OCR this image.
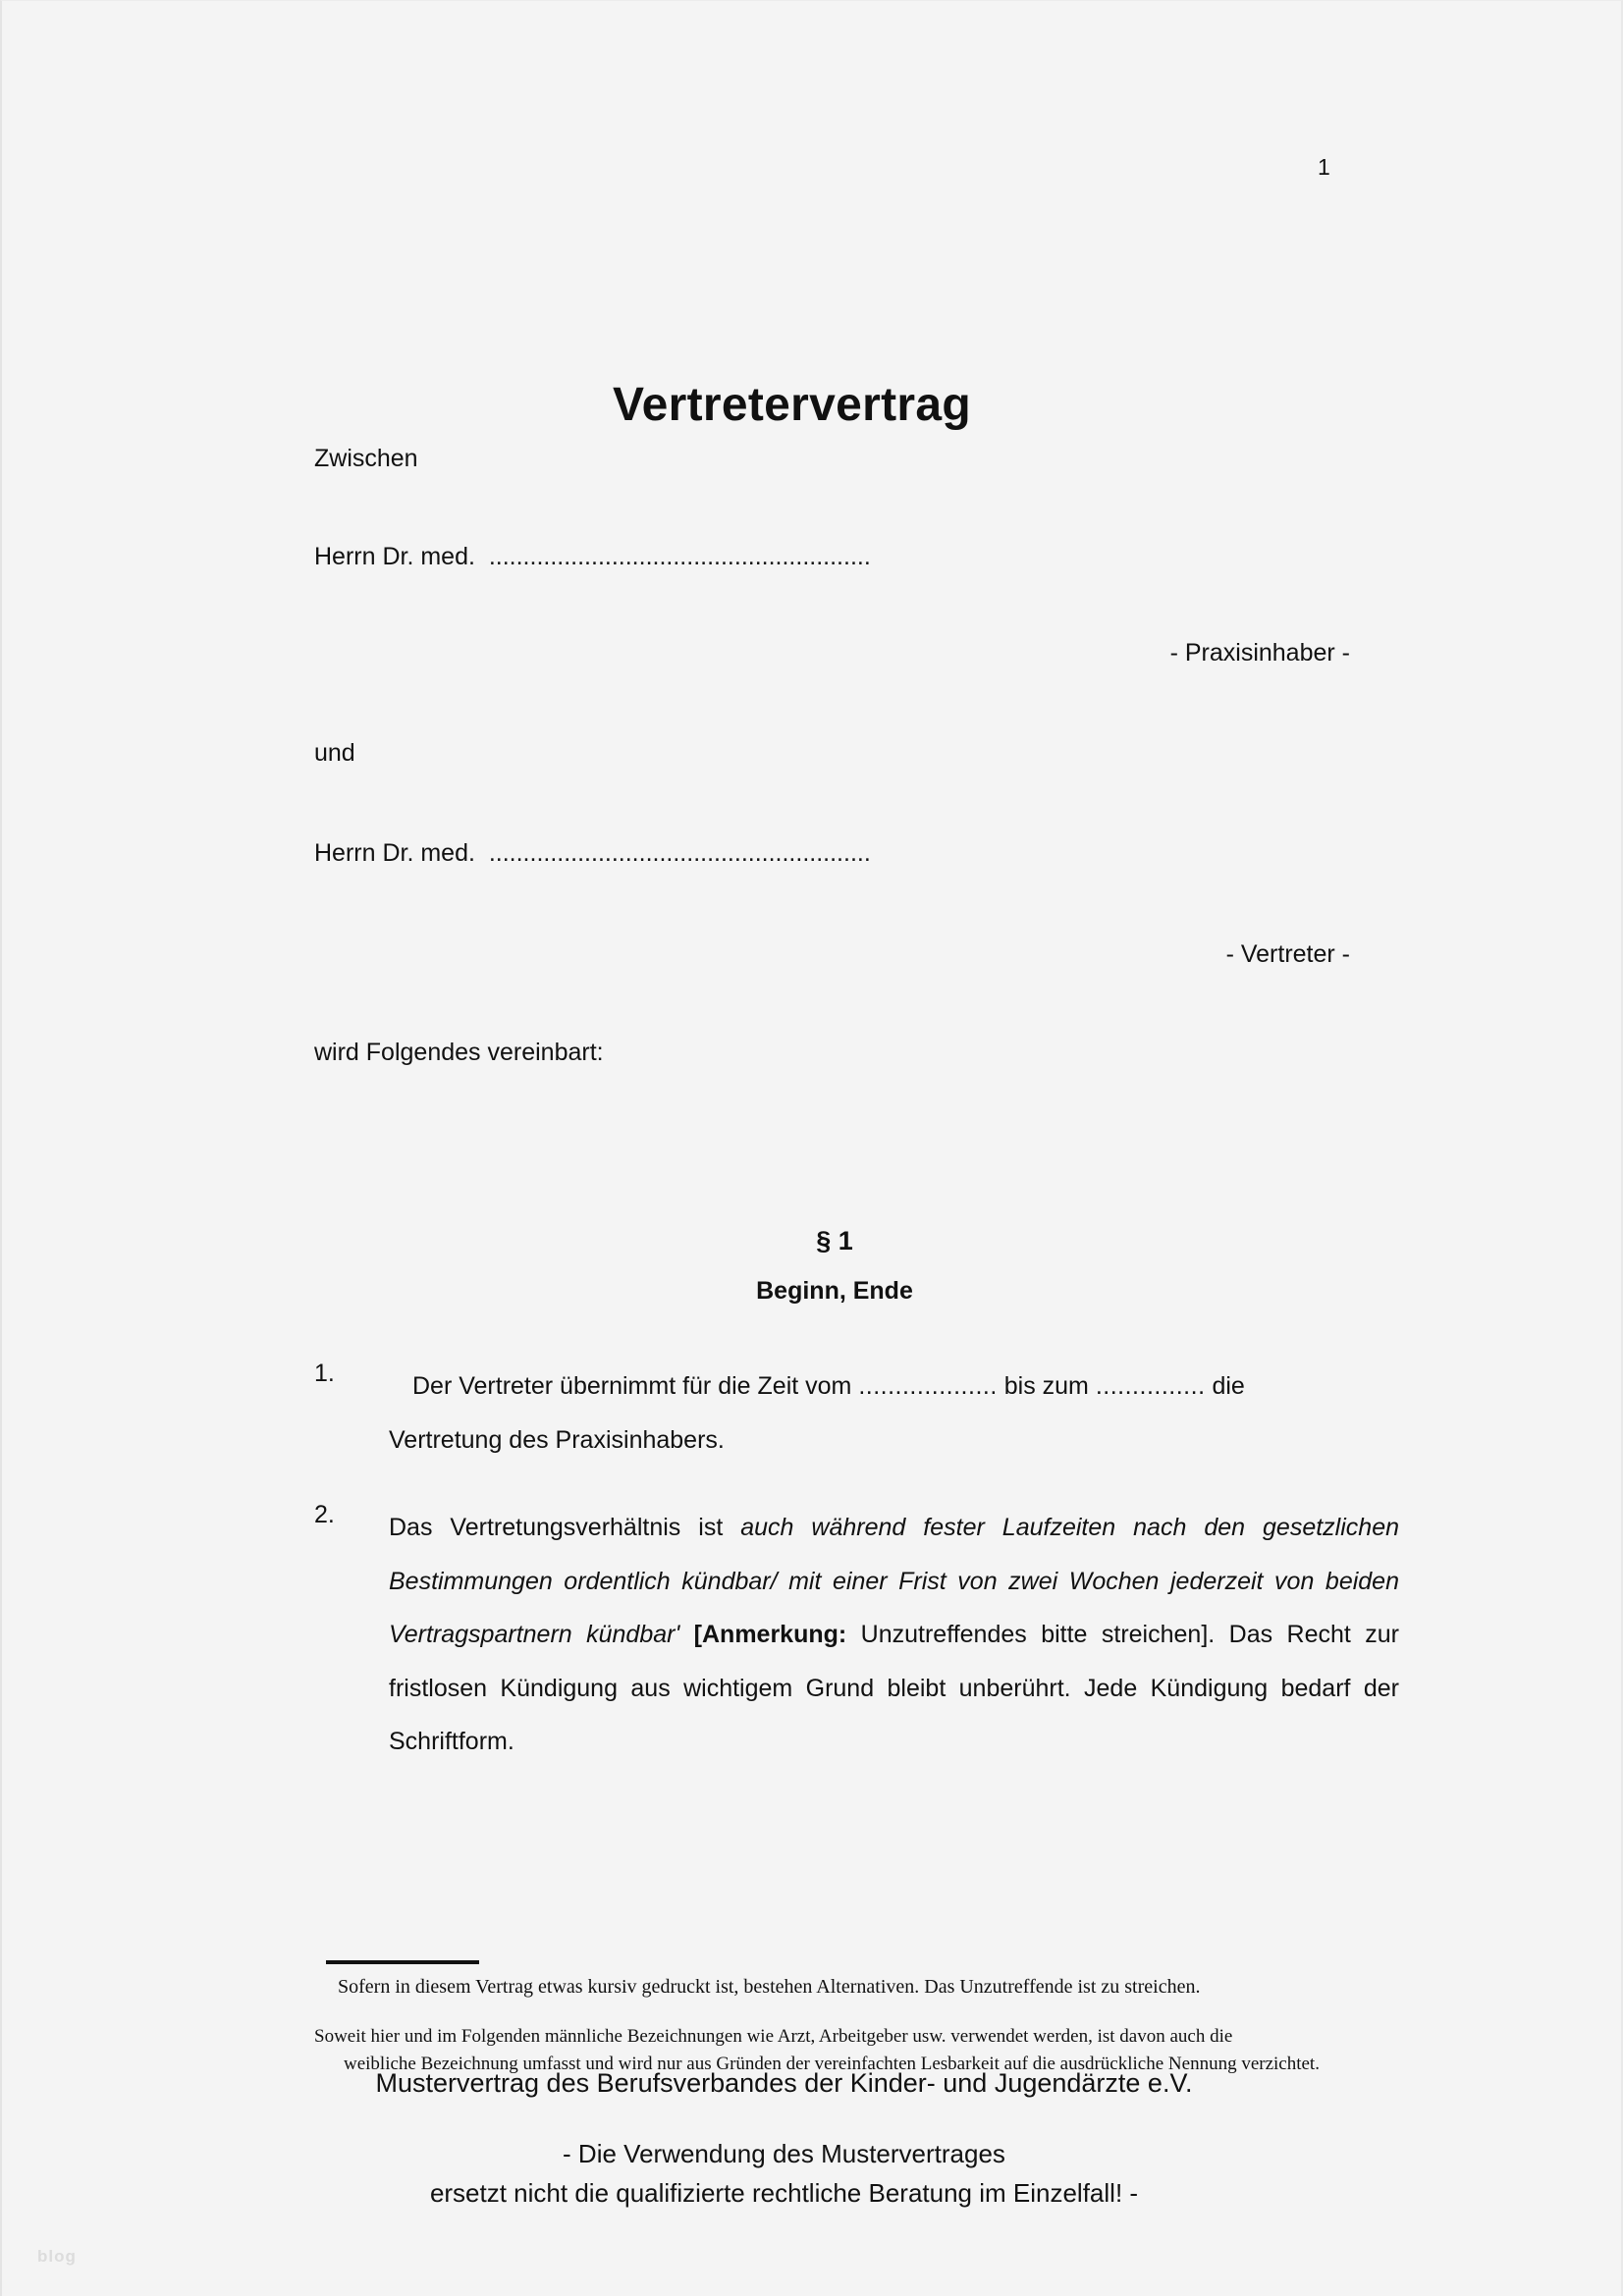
1
Vertretervertrag
Zwischen
Herrn Dr. med.  ........................................................
- Praxisinhaber -
und
Herrn Dr. med.  ........................................................
- Vertreter -
wird Folgendes vereinbart:
§ 1
Beginn, Ende
1.	Der Vertreter übernimmt für die Zeit vom ................... bis zum ............... die
Vertretung des Praxisinhabers.
2.	Das Vertretungsverhältnis ist auch während fester Laufzeiten nach den gesetzlichen Bestimmungen ordentlich kündbar/ mit einer Frist von zwei Wochen jederzeit von beiden Vertragspartnern kündbar' [Anmerkung: Unzutreffendes bitte streichen]. Das Recht zur fristlosen Kündigung aus wichtigem Grund bleibt unberührt. Jede Kündigung bedarf der Schriftform.
Sofern in diesem Vertrag etwas kursiv gedruckt ist, bestehen Alternativen. Das Unzutreffende ist zu streichen.
Soweit hier und im Folgenden männliche Bezeichnungen wie Arzt, Arbeitgeber usw. verwendet werden, ist davon auch die
weibliche Bezeichnung umfasst und wird nur aus Gründen der vereinfachten Lesbarkeit auf die ausdrückliche Nennung verzichtet.
Mustervertrag des Berufsverbandes der Kinder- und Jugendärzte e.V.
- Die Verwendung des Mustervertrages
ersetzt nicht die qualifizierte rechtliche Beratung im Einzelfall! -
blog
